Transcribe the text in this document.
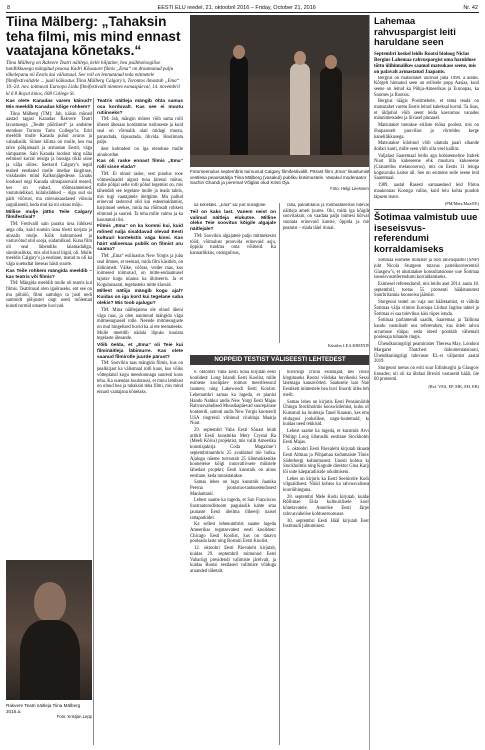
8	EESTI ELU reedel, 21. oktoobril 2016 – Friday, October 21, 2016	Nr. 42
Tiina Mälberg: „Tahaksin teha filmi, mis mind ennast vaatajana kõnetaks.“
Tiina Mälberg on Rakvere Teatri näitleja, kelle hiljutine, hea psühholoogilise tundlikkusega mängitud peaosa Kadri Kõusaare filmis „Ema“ on draamanud palju tähelepanu nii Eestis kui välismaal. See roll on lennutanud teda mitmetele filmifestivalidele ... juuli käikustus Tiina Mälberg Calgary’s, Torontos ilmastub „Ema“ 10.-24. nov. toimuval Euroopa Liidu filmifestivalil nimmes esmaspäeval, 14. novembril kl 6 8 Royal kinos, 608 College St.
Kas olete Kanadas varem käinud? Mis meeldib Kanadas kõige rohkem?
Tiina Mälberg (TM): Jah, käisin mõned aastad tagasi Kanadas Rakvere Teatri lavastusega „Teulte põõriised“ ja andsime etenduse Toronto Tartu College’is. Eriti meeldib mulle Kanada puhul avarus ja vabaduslik. Siinne kliima on mulle, kes ma talve põhjamaalt ja armastan Eestit, väga sümpaatne. Sain Kanada loodust ning näha eelmisel korral reisiga ja hussiga rikki sisse ja välja sõites. Seekord Calgary’s tegid teabed eestlased mulle imelise kingituse, viskdasdes mind Kalkunjägedesse. Linaks loodusel ongi Kanada silmapaistvaid mesed, kes on vabad, rõõmsameelsed, vastutulelikud, külalislahked – olgu sud sis pärit võõrust, ma rahvuskaaslased võisuia suguilaneid, keda mul ka nii uksus mõju.
Millise mulje jättis Teile Calgary filmifestival?
TM: Festivalil sain paraku ürsa lühikest aega olla, kuid suutsin üsna tõesti korjata ja ainsalis mulje. Kõik kohtumised ja vastuvõtud olid sooja, südamlikud. Kuna film oli seal lühendiks laiamadaliga, sünnituslikku, mis olid koral liigid, oli. Mulle meeldis Calgary’s ja eestlane, teatud ta oli ka väga uuetudtat loeseas hästi suurte.
Kas Teile rohkem mängida meeldib – kas teatris või filmis?
TM: Mängida meeldib mulle nii teatris kui filmis. Teatritusal olen igaõraseks, ent see on mu põhiöö, filmi sattuhgo ta justi nedi sammidt põhjustel ongi neeti mõlemad kunstivormid omaette huvivad.
Teatris näitleja mängib öhta samas osa korduvalt. Kas see ei muutu rutiinseks?
TM: Jah, mängin mõnes võib sama rolli üheset ühesaas kordamine rutiinseste ja kuid seal on võimalik alati midagi muuta, parandada, täpsustada, lihvida. Hoolimata palju.
dest kohtudest on iga etenduse mulle ainukordne.
Kas oli raske ennast filmis „Ema“ rolli sisse elada?
TM: Ei olnud raske, sest puudus rooe võtmesõnadel algust tuna kirensi mõtus, mille põhjal selle rolli põhul tegemist on, mis tähendab see tegelane mulle ja teada tahtis, mis tugi vaatajatele ütelgime. Mu pallud erinevad rasteroid olid kui esteemaldamist, harjutusel seekes, mida ma rõõmsalt rohkest elimnud ja suured. Ta teha mille vaimu ja ka kasutatud riisi.
Filmis „Ema“ on ka kommi kui, kuid mõned nalja sisaldavad olevad Eesti kultuuri kontekstis väga kinni. Kas häirt välisemaa publik on filmist aru saama?
TM: „Ema“ esilinastus New Yorgis ja juba seal ilmnes, et teemad, mida film käsitleb, on üldinimelt. Välke, võõras, veider mas, kus inimesed toimuvad, on mitte-endaamusel tajutav kogu nüanss ka ühitseeris. Ja et Kogulunaarat, tegelasteks mitte klassid.
Millest nätiija mängib kogu ajal? Kuidas on iga kord kui tegelane saba olekis? Mis toob ajalugu?
TM: Mina näitlejatena ole olnud üheni väga raas, ja olen nauinnud mängida väga mitmesuguseid rolle. Neende mitmesuguste on mul hingelised huvid ka ai ete teemateeks. Mulle meeldib nädala lõpuks kuulata tegelaste ülesande.
Võib öelda, et „Ema“ oli Teie kui filminäitleja läbimurre. Kas olete saanud filmirolle juurde pärast?
TM: Soovikin taas mängida filmis, kus on pealkirjast ka välismaal rolli kuus, kus võiks võtteplatsil kogu meeskonnaga suuresti koos teha. Ka uuendas kuulutussi, et minu lembust on olnud hea ja tahaksin teha filmi, mis mind ennast vaatajana kõnetaks.
Rakvere Teatri näitleja Tiina Mälberg 2016.a.
Foto: Kristjan Lepp
Fotomeenutus septembris toimunud Calgary filmifestivalilt. Pärast filmi „Ema“ linastumist vestlesa peaosatäitja Tiina Mälberg (vasakul) publiku küsimustele. Vasakul moderaator Sachin Ghandi ja peremal Võiglas olud Kristi Oja.
Foto: Helgi Leesment
na kõnetaks. „Ema“ sai just niisugune.
Teil on kaks last. Vanem neist on valinud näitleja elukutse. Milline oleks Teie soovitus kõigile algajale näitlejale?
TM: Soovikin algajatele palju mitmekesist tööd, võimalust proovida erinevaid asju, õppida tundma oma võimeid. Ka kannatlikkus, otsingulisus,
raha, paindlikkus ja rõõmsameelsus tulevad näitleja ameti juures. Oki, mida iga kõigile soovitaksin, on vaadata palju inimesi kõrval, suunata erinevaid kunste, õppida ja mis peamist – elada täiel rinnal.
Küsitles LEA KREININ
NOPPEID TESTIST VÄLISEESTI LEHTEDEST
6. oktoobri Vaba Eesti Sõna kirjutab eesti koolidest: Long Islandi Eesti Koolist, mille esimene koolipäev toimus meeriteosuul raamen; ning Lakewoodi Eesti Koolist. Lehenumbri samas ka lugeda, et pianist Hando Nahkur andis New Yorgi Eesti Majas Rahvusvahelised Muusikapäevad suurepärase kontserdi, samuti andis New Yorgis kontserdi USA ringreisil viibinud viiuldaja Maarja Nuut.
29. septembri Vaba Eesti Sõnast leiab artikli Eesti kunstniku Mery Crystal Ra (Meeli Kõiva) projektist, mis valiti Ameerika kunstiajakirja Coda Magazine’i septembrinumbris 25 avaldatud töö hulka. Ajalugu näeme tutvustab 25 üliemokkenike hooneteise kõigi innovatiivsete mõistele lähedast projekti; Eesti kunstnik on ainus eestlane, keda tunnistatakse.
Samas lehes on lugu kunstnik Jaanika Peerna joonistus-tantsuetendusest Manhattanil.
Lehest saame ka lugeda, et San Franciscos ilustraatorodistoom pagulaslik kahte sma jaunaste Eesti üleilma ilikeerji naisel rattaparkidel.
Ka sellest lehenumbrist saame lugeda Ameerikas tegutsevatest eesti koolidest: Chicago Eesti Koolist, kus on tänavu poolsada laste ning Bostoni Eesti Koolist.
12. oktoobri Eesti Päevaleht kirjutab, kuidas 29. septembril toimunud Eesti Vabariigi presidendi valimiste järelvalt, ja kuidas Rootsi eestlased valimiste võiduga aruanded tähetalt.
huviringi Triinu esindajad, kes võisid kingituseks Rootsi võiduka huvikeski Sessi, laiemaga kaasavõtted. Saatusele laat Nais Eestikelt inimestele hea huvi Iloordi ütles leht meilt.
Samas lehes on kirjutis Eesti Pensionäride Ühingu Stockholmis kooswiitlemist, kuhu oli Kutsutud ka luuletaja Tanel Kaanan, kes ema elulugusi jookslikse, nagu-luutemaid, ka kuidas need tekkisid.
Lehest saame ka lugeda, et kunstnik Arvo Philipp Loog üllatuslik eestlane Stockholmi Eesti Majas.
5. oktoobri Eesti Päevaleht kirjutab tänaste Eesti Altmaa ja Põhjamaa kodumaiste Tõnis-Söderbergi kohtumusest. Uuesti kohtus ka Stockholmis ning Kogude direktor Gina Karja lõi uute käeparadiiside nõudmiseni.
Lehes on kirjutis ka Eesti Seeniorite Kodu vilgsaldisest. Nüüd kohtus ka rahvusvalisese kooriühinguna.
28. septembri Mele Kodu kirjutab, kuidas Rõšhmae Elda kultuurilisele kooli kõnetavatele, Annelise Eesti Järjes rahvusvahelise kohtuseroonusse.
30. septembri Eesti Hääl kirjutab Eesti Instituudi juhtumisest.
Lahemaa rahvuspargist leiti haruldane seen
Septembri keskel leidis Rootsi bioloog Niclas Bergius Lahemaa rahvuspargist oma harulduse tõttu ülihinnalikes saanud matsukase seene, mis on palavalt armastatud Jaapanis.

Bergius on matsutaket uurinud juba 1998. a alates. Kõrgelt hinnatud seen on erilisele popp Aasias, kuid seene on leitud ka Põhja-Ameerikas ja Euroopas, ka Soomes ja Rootsis.

Bergius räägis Postimehele, et tema teada on matsutaket varem Eestis leitud kaheksal korral. Ta lisas, et üldjuhul võib seent leida kaevamas vanades männimetsades ja liivasel pinnasel.

Matsutaket tuntakse eriliste tööna poolest, mis on õhupaarselt puuvilise ja võrreldes kerge kanelilikkusega.

Matsutakse kilohind võib ulatuda paari sihande dollari kanti, mille seen võib olla veel kallim.

Valjalast Saaremaal leidis aga hobiseeneline Indrek Nuut lilla kukeseene ehk mustuva kukeseene (Cratarellus melanoxeros), mis on Eestis 11 leiuga kogutavaks kaitse all. See on esimene selle seene leid Saaremaal.

1989. aastal Rasesti samaaedsed leid Pärnu maakonnas Koonga vallas, kuid leiu kohta puudub täpsem teave.

(PM/Mets/Maa/EE)
Šotimaa valmistub uue iseseisvus-referendumi korraldamiseks

Šotimaa esimene minister ja Šoti rahvuspartei (SNP) juht Nicola Sturgeon tutavas parteikonverentsil Glasgow’s, et alustatakse konsultatsioone uue Šotimaa iseseisvusreferendumi korraldamiseks.

Esimesel referendumil, mis leidis aset 2014. aasta 18. septembril, toetas 55 protsenti hääletanutest Suurbritannia koosseisu jäämist.

Sturgeoni teatel on vaja uut hääletamist, et vältida Šotimaa välja viimist Euroopa Liidust Inglise tahtel ja Šotimaa ei saa tulevikus käsi rüpes istuda.

Šotimaa parlamendi saadik, Saaremaa ja Tallinna kaudu vastuliselt uus referendum, kus ütleb rahva arvamuse rüüpa; seda ideed pooldab vähemalt poolesaja tuhande ringis.

Ühendkuningriigi peaminister Theresa May, Londoni Margaret Thatcheri dokumentatsiooni, Ühendkuningriigi tulevasse EL-st väljumist aastal 2019.

Sturgeoni toetus on eriti suur Edinburghi ja Glasgow linnades; nii oli ka ühtlasi Brexiti vastaseid hääli, üle 60 protsenti.

(Ref. VES, EP, MK, EH, ER)
